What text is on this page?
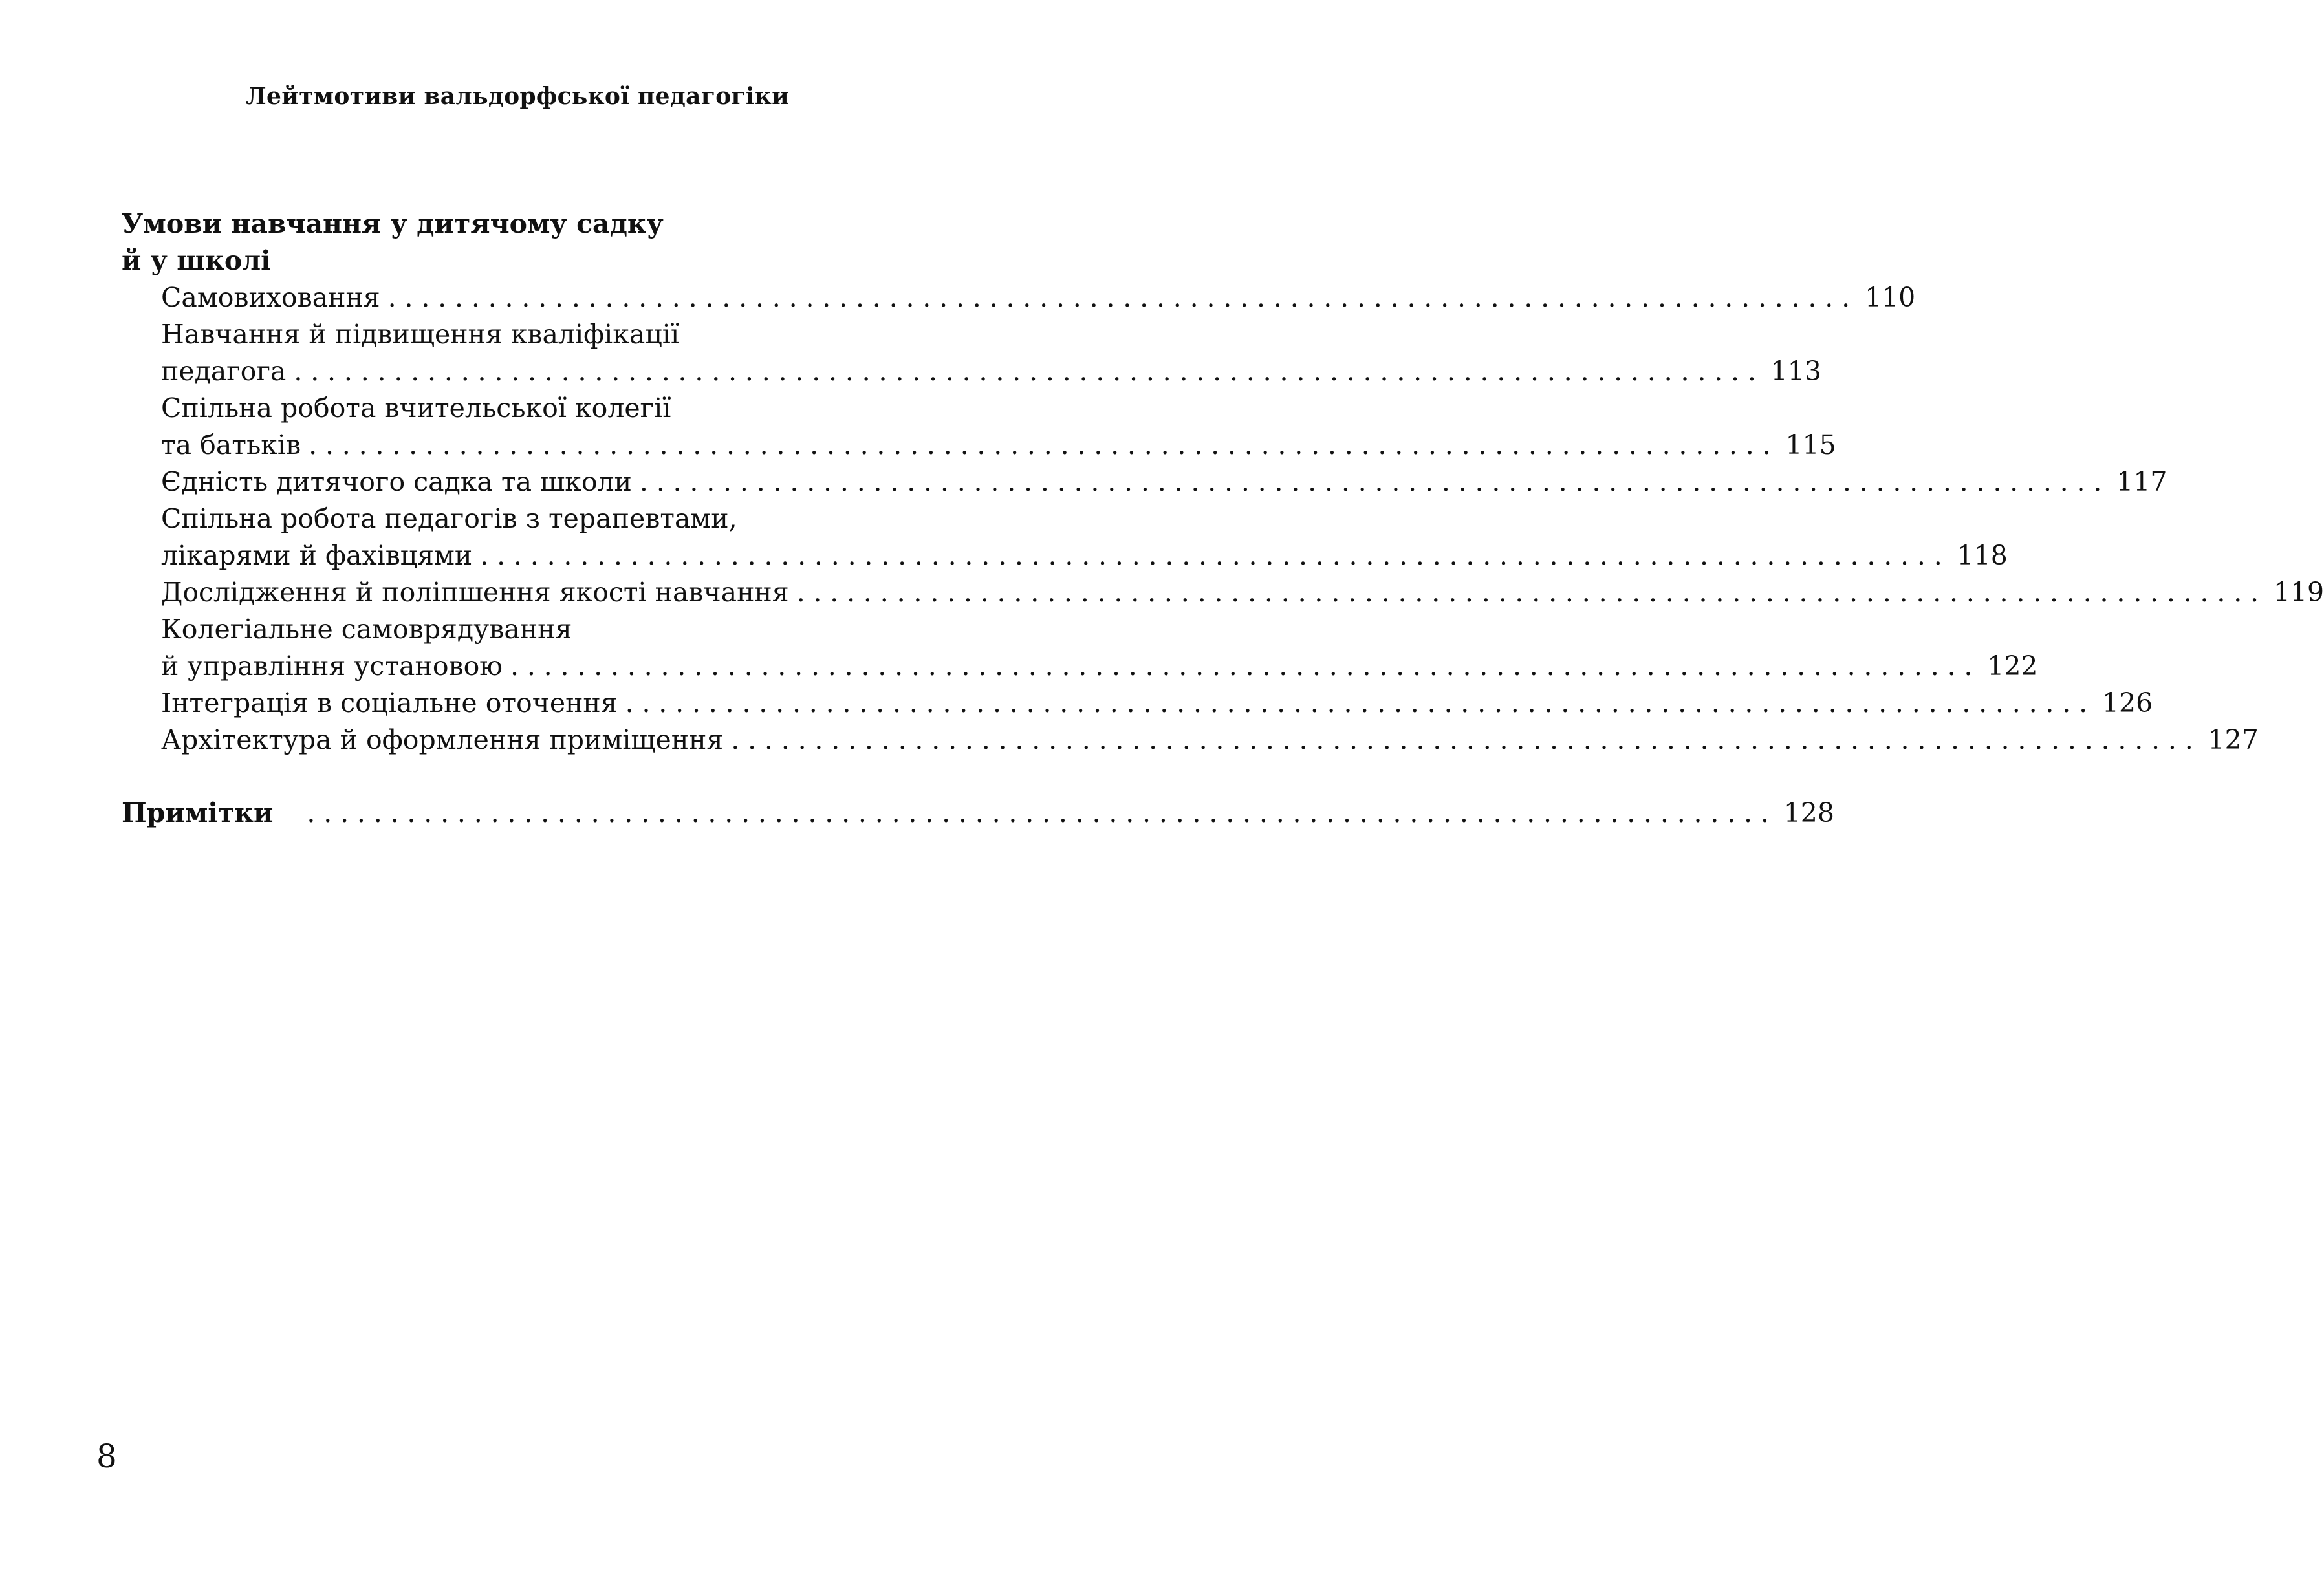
Лейтмотиви вальдорфської педагогіки
Умови навчання у дитячому садку
й у школі
Самовиховання ........................................................................................ 110
Навчання й підвищення кваліфікації
педагога ........................................................................................ 113
Спільна робота вчительської колегії
та батьків ........................................................................................ 115
Єдність дитячого садка та школи ........................................................................................ 117
Спільна робота педагогів з терапевтами,
лікарями й фахівцями ........................................................................................ 118
Дослідження й поліпшення якості навчання ........................................................................................ 119
Колегіальне самоврядування
й управління установою ........................................................................................ 122
Інтеграція в соціальне оточення ........................................................................................ 126
Архітектура й оформлення приміщення ........................................................................................ 127
Примітки ........................................................................................ 128
8
